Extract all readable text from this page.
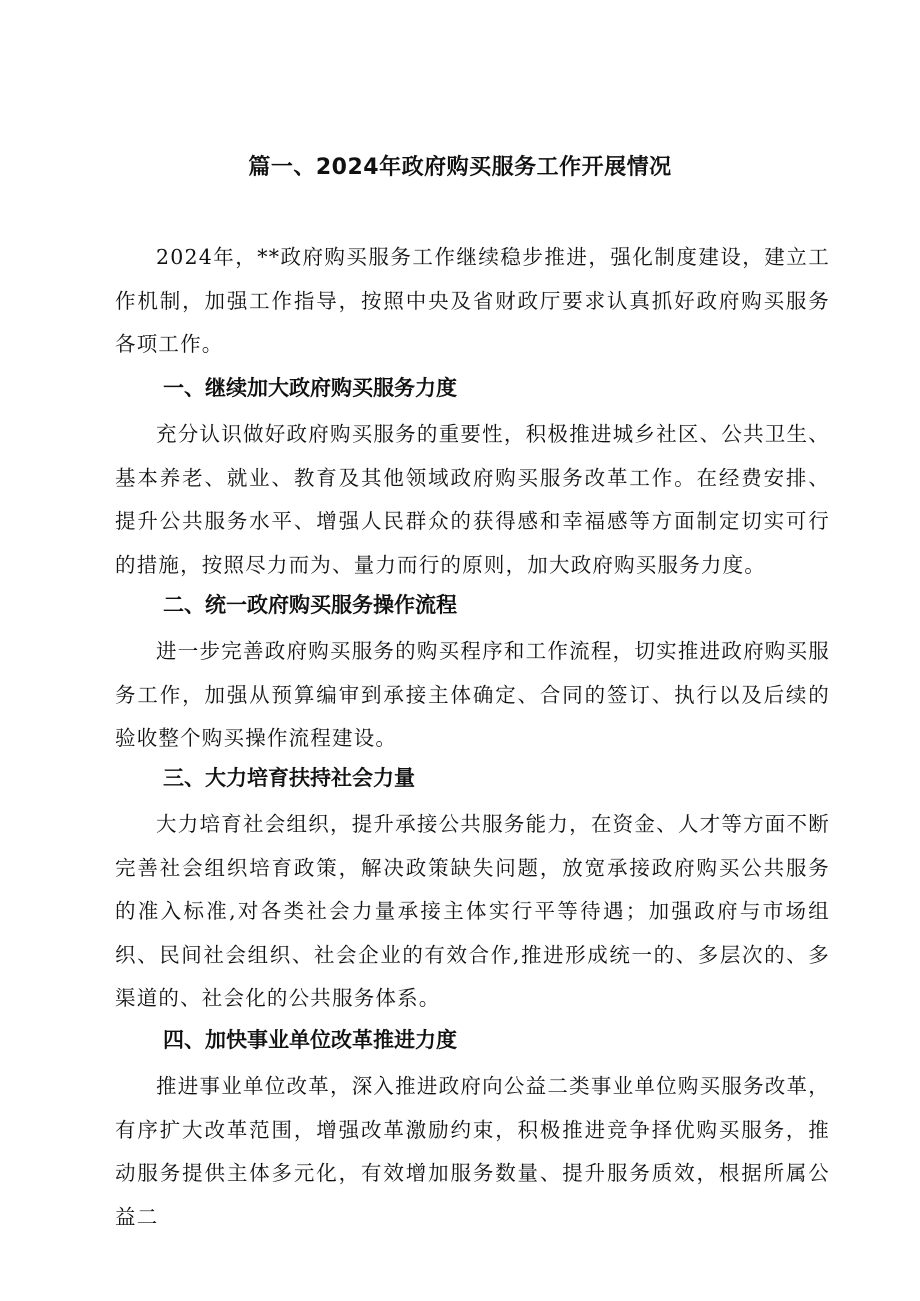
篇一、2024年政府购买服务工作开展情况

2024年，**政府购买服务工作继续稳步推进，强化制度建设，建立工作机制，加强工作指导，按照中央及省财政厅要求认真抓好政府购买服务各项工作。

一、继续加大政府购买服务力度

充分认识做好政府购买服务的重要性，积极推进城乡社区、公共卫生、基本养老、就业、教育及其他领域政府购买服务改革工作。在经费安排、提升公共服务水平、增强人民群众的获得感和幸福感等方面制定切实可行的措施，按照尽力而为、量力而行的原则，加大政府购买服务力度。

二、统一政府购买服务操作流程

进一步完善政府购买服务的购买程序和工作流程，切实推进政府购买服务工作，加强从预算编审到承接主体确定、合同的签订、执行以及后续的验收整个购买操作流程建设。

三、大力培育扶持社会力量

大力培育社会组织，提升承接公共服务能力，在资金、人才等方面不断完善社会组织培育政策，解决政策缺失问题，放宽承接政府购买公共服务的准入标准,对各类社会力量承接主体实行平等待遇；加强政府与市场组织、民间社会组织、社会企业的有效合作,推进形成统一的、多层次的、多渠道的、社会化的公共服务体系。

四、加快事业单位改革推进力度

推进事业单位改革，深入推进政府向公益二类事业单位购买服务改革，有序扩大改革范围，增强改革激励约束，积极推进竞争择优购买服务，推动服务提供主体多元化，有效增加服务数量、提升服务质效，根据所属公益二
